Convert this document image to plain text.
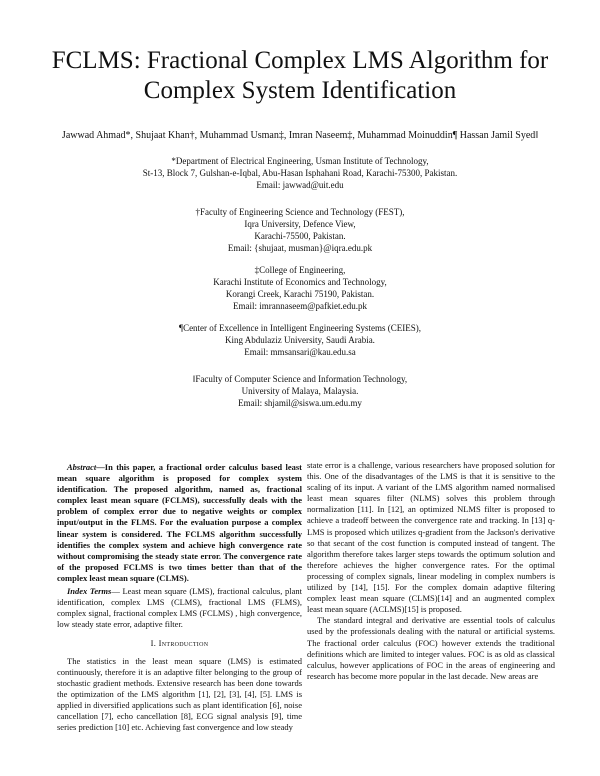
FCLMS: Fractional Complex LMS Algorithm for
Complex System Identification
Jawwad Ahmad*, Shujaat Khan†, Muhammad Usman‡, Imran Naseem‡, Muhammad Moinuddin¶ Hassan Jamil Syed‖
*Department of Electrical Engineering, Usman Institute of Technology,
St-13, Block 7, Gulshan-e-Iqbal, Abu-Hasan Isphahani Road, Karachi-75300, Pakistan.
Email: jawwad@uit.edu
†Faculty of Engineering Science and Technology (FEST),
Iqra University, Defence View,
Karachi-75500, Pakistan.
Email: {shujaat, musman}@iqra.edu.pk
‡College of Engineering,
Karachi Institute of Economics and Technology,
Korangi Creek, Karachi 75190, Pakistan.
Email: imrannaseem@pafkiet.edu.pk
¶Center of Excellence in Intelligent Engineering Systems (CEIES),
King Abdulaziz University, Saudi Arabia.
Email: mmsansari@kau.edu.sa
‖Faculty of Computer Science and Information Technology,
University of Malaya, Malaysia.
Email: shjamil@siswa.um.edu.my

Abstract—In this paper, a fractional order calculus based least mean square algorithm is proposed for complex system identification. The proposed algorithm, named as, fractional complex least mean square (FCLMS), successfully deals with the problem of complex error due to negative weights or complex input/output in the FLMS. For the evaluation purpose a complex linear system is considered. The FCLMS algorithm successfully identifies the complex system and achieve high convergence rate without compromising the steady state error. The convergence rate of the proposed FCLMS is two times better than that of the complex least mean square (CLMS).

Index Terms— Least mean square (LMS), fractional calculus, plant identification, complex LMS (CLMS), fractional LMS (FLMS), complex signal, fractional complex LMS (FCLMS) , high convergence, low steady state error, adaptive filter.

I. Introduction

The statistics in the least mean square (LMS) is estimated continuously, therefore it is an adaptive filter belonging to the group of stochastic gradient methods. Extensive research has been done towards the optimization of the LMS algorithm [1], [2], [3], [4], [5]. LMS is applied in diversified applications such as plant identification [6], noise cancellation [7], echo cancellation [8], ECG signal analysis [9], time series prediction [10] etc. Achieving fast convergence and low steady

state error is a challenge, various researchers have proposed solution for this. One of the disadvantages of the LMS is that it is sensitive to the scaling of its input. A variant of the LMS algorithm named normalised least mean squares filter (NLMS) solves this problem through normalization [11]. In [12], an optimized NLMS filter is proposed to achieve a tradeoff between the convergence rate and tracking. In [13] q-LMS is proposed which utilizes q-gradient from the Jackson's derivative so that secant of the cost function is computed instead of tangent. The algorithm therefore takes larger steps towards the optimum solution and therefore achieves the higher convergence rates. For the optimal processing of complex signals, linear modeling in complex numbers is utilized by [14], [15]. For the complex domain adaptive filtering complex least mean square (CLMS)[14] and an augmented complex least mean square (ACLMS)[15] is proposed.

The standard integral and derivative are essential tools of calculus used by the professionals dealing with the natural or artificial systems. The fractional order calculus (FOC) however extends the traditional definitions which are limited to integer values. FOC is as old as classical calculus, however applications of FOC in the areas of engineering and research has become more popular in the last decade. New areas are
